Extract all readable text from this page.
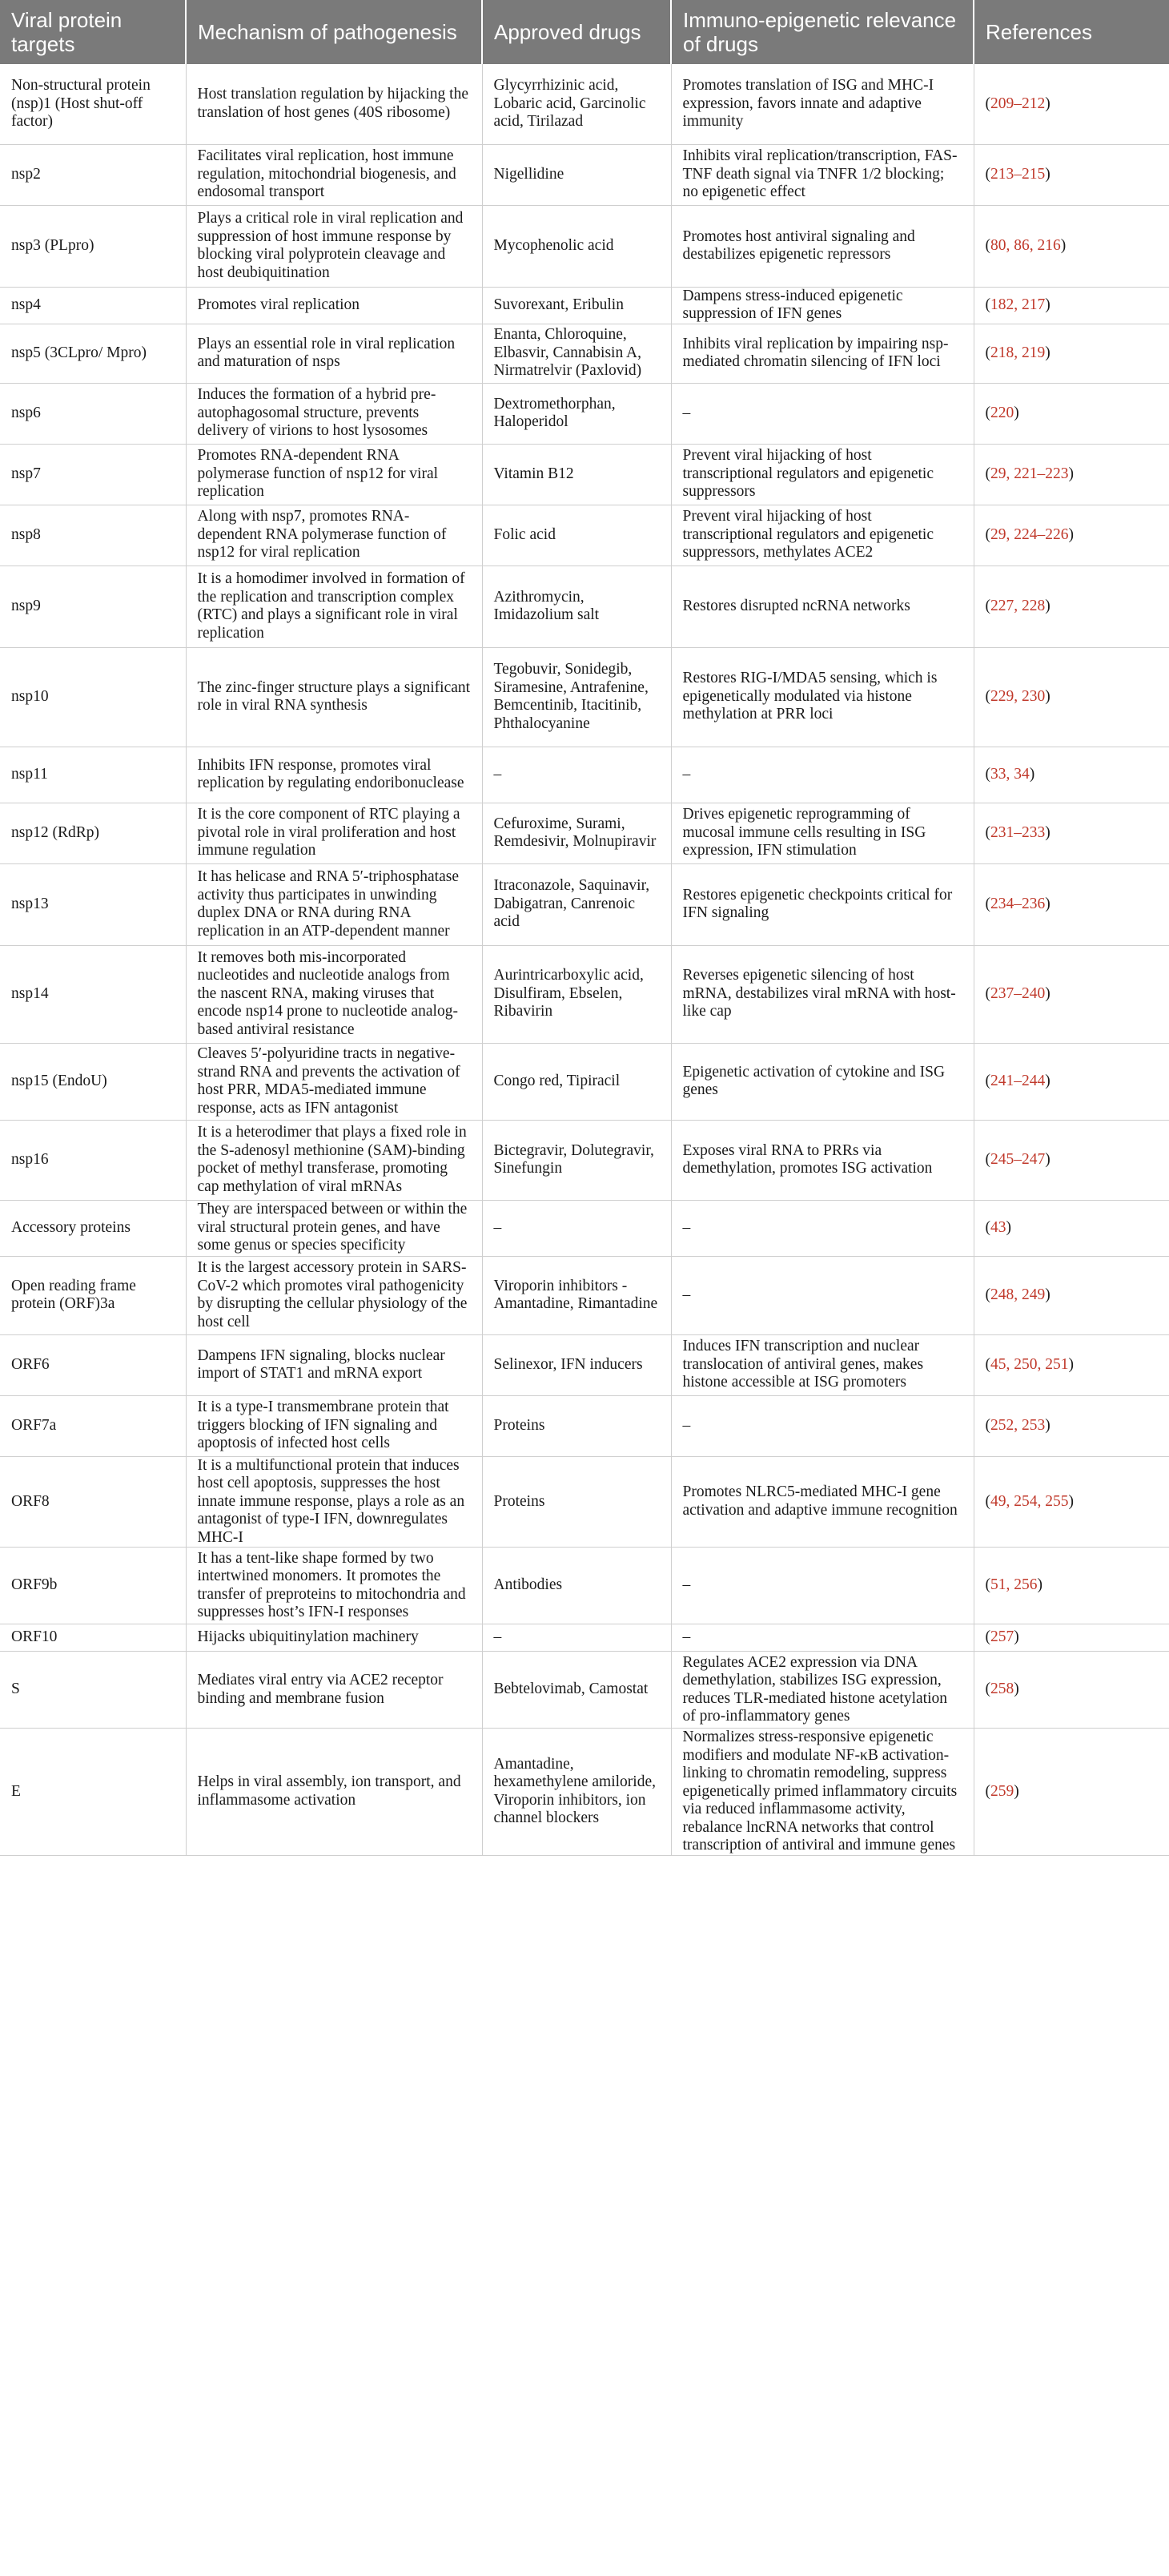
Viral protein targets	Mechanism of pathogenesis	Approved drugs	Immuno-epigenetic relevance of drugs	References
Non-structural protein (nsp)1 (Host shut-off factor)	Host translation regulation by hijacking the translation of host genes (40S ribosome)	Glycyrrhizinic acid, Lobaric acid, Garcinolic acid, Tirilazad	Promotes translation of ISG and MHC-I expression, favors innate and adaptive immunity	(209–212)
nsp2	Facilitates viral replication, host immune regulation, mitochondrial biogenesis, and endosomal transport	Nigellidine	Inhibits viral replication/transcription, FAS-TNF death signal via TNFR 1/2 blocking; no epigenetic effect	(213–215)
nsp3 (PLpro)	Plays a critical role in viral replication and suppression of host immune response by blocking viral polyprotein cleavage and host deubiquitination	Mycophenolic acid	Promotes host antiviral signaling and destabilizes epigenetic repressors	(80, 86, 216)
nsp4	Promotes viral replication	Suvorexant, Eribulin	Dampens stress-induced epigenetic suppression of IFN genes	(182, 217)
nsp5 (3CLpro/ Mpro)	Plays an essential role in viral replication and maturation of nsps	Enanta, Chloroquine, Elbasvir, Cannabisin A, Nirmatrelvir (Paxlovid)	Inhibits viral replication by impairing nsp-mediated chromatin silencing of IFN loci	(218, 219)
nsp6	Induces the formation of a hybrid pre-autophagosomal structure, prevents delivery of virions to host lysosomes	Dextromethorphan, Haloperidol	–	(220)
nsp7	Promotes RNA-dependent RNA polymerase function of nsp12 for viral replication	Vitamin B12	Prevent viral hijacking of host transcriptional regulators and epigenetic suppressors	(29, 221–223)
nsp8	Along with nsp7, promotes RNA-dependent RNA polymerase function of nsp12 for viral replication	Folic acid	Prevent viral hijacking of host transcriptional regulators and epigenetic suppressors, methylates ACE2	(29, 224–226)
nsp9	It is a homodimer involved in formation of the replication and transcription complex (RTC) and plays a significant role in viral replication	Azithromycin, Imidazolium salt	Restores disrupted ncRNA networks	(227, 228)
nsp10	The zinc-finger structure plays a significant role in viral RNA synthesis	Tegobuvir, Sonidegib, Siramesine, Antrafenine, Bemcentinib, Itacitinib, Phthalocyanine	Restores RIG-I/MDA5 sensing, which is epigenetically modulated via histone methylation at PRR loci	(229, 230)
nsp11	Inhibits IFN response, promotes viral replication by regulating endoribonuclease	–	–	(33, 34)
nsp12 (RdRp)	It is the core component of RTC playing a pivotal role in viral proliferation and host immune regulation	Cefuroxime, Surami, Remdesivir, Molnupiravir	Drives epigenetic reprogramming of mucosal immune cells resulting in ISG expression, IFN stimulation	(231–233)
nsp13	It has helicase and RNA 5′-triphosphatase activity thus participates in unwinding duplex DNA or RNA during RNA replication in an ATP-dependent manner	Itraconazole, Saquinavir, Dabigatran, Canrenoic acid	Restores epigenetic checkpoints critical for IFN signaling	(234–236)
nsp14	It removes both mis-incorporated nucleotides and nucleotide analogs from the nascent RNA, making viruses that encode nsp14 prone to nucleotide analog-based antiviral resistance	Aurintricarboxylic acid, Disulfiram, Ebselen, Ribavirin	Reverses epigenetic silencing of host mRNA, destabilizes viral mRNA with host-like cap	(237–240)
nsp15 (EndoU)	Cleaves 5′-polyuridine tracts in negative-strand RNA and prevents the activation of host PRR, MDA5-mediated immune response, acts as IFN antagonist	Congo red, Tipiracil	Epigenetic activation of cytokine and ISG genes	(241–244)
nsp16	It is a heterodimer that plays a fixed role in the S-adenosyl methionine (SAM)-binding pocket of methyl transferase, promoting cap methylation of viral mRNAs	Bictegravir, Dolutegravir, Sinefungin	Exposes viral RNA to PRRs via demethylation, promotes ISG activation	(245–247)
Accessory proteins	They are interspaced between or within the viral structural protein genes, and have some genus or species specificity	–	–	(43)
Open reading frame protein (ORF)3a	It is the largest accessory protein in SARS-CoV-2 which promotes viral pathogenicity by disrupting the cellular physiology of the host cell	Viroporin inhibitors -Amantadine, Rimantadine	–	(248, 249)
ORF6	Dampens IFN signaling, blocks nuclear import of STAT1 and mRNA export	Selinexor, IFN inducers	Induces IFN transcription and nuclear translocation of antiviral genes, makes histone accessible at ISG promoters	(45, 250, 251)
ORF7a	It is a type-I transmembrane protein that triggers blocking of IFN signaling and apoptosis of infected host cells	Proteins	–	(252, 253)
ORF8	It is a multifunctional protein that induces host cell apoptosis, suppresses the host innate immune response, plays a role as an antagonist of type-I IFN, downregulates MHC-I	Proteins	Promotes NLRC5-mediated MHC-I gene activation and adaptive immune recognition	(49, 254, 255)
ORF9b	It has a tent-like shape formed by two intertwined monomers. It promotes the transfer of preproteins to mitochondria and suppresses host’s IFN-I responses	Antibodies	–	(51, 256)
ORF10	Hijacks ubiquitinylation machinery	–	–	(257)
S	Mediates viral entry via ACE2 receptor binding and membrane fusion	Bebtelovimab, Camostat	Regulates ACE2 expression via DNA demethylation, stabilizes ISG expression, reduces TLR-mediated histone acetylation of pro-inflammatory genes	(258)
E	Helps in viral assembly, ion transport, and inflammasome activation	Amantadine, hexamethylene amiloride, Viroporin inhibitors, ion channel blockers	Normalizes stress-responsive epigenetic modifiers and modulate NF-κB activation-linking to chromatin remodeling, suppress epigenetically primed inflammatory circuits via reduced inflammasome activity, rebalance lncRNA networks that control transcription of antiviral and immune genes	(259)
